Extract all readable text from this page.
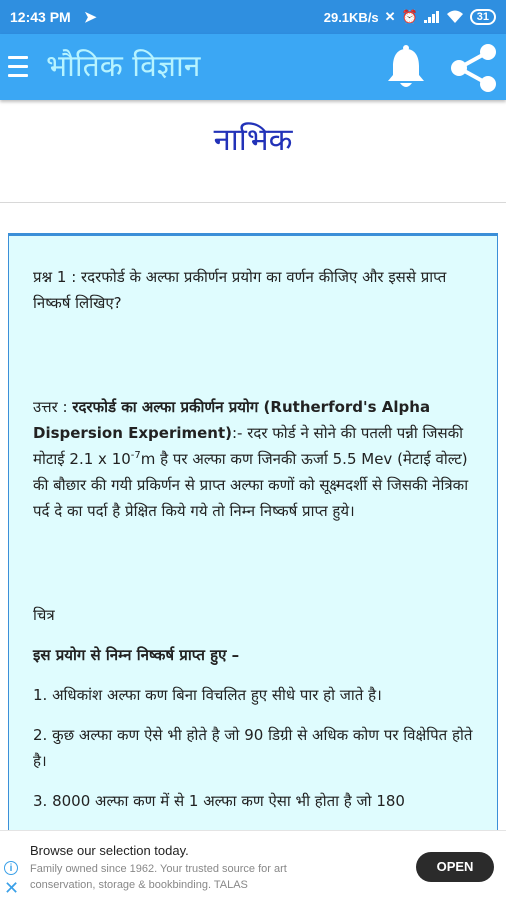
12:43 PM ➤	29.1KB/s ✕ ⏰	31
भौतिक विज्ञान
नाभिक

प्रश्न 1 : रदरफोर्ड के अल्फा प्रकीर्णन प्रयोग का वर्णन कीजिए और इससे प्राप्त निष्कर्ष लिखिए?

उत्तर : रदरफोर्ड का अल्फा प्रकीर्णन प्रयोग (Rutherford's Alpha Dispersion Experiment):- रदर फोर्ड ने सोने की पतली पन्नी जिसकी मोटाई 2.1 x $10^{-7}m$ है पर अल्फा कण जिनकी ऊर्जा 5.5 Mev (मेटाई वोल्ट) की बौछार की गयी प्रकिर्णन से प्राप्त अल्फा कणों को सूक्ष्मदर्शी से जिसकी नेत्रिका पर्द दे का पर्दा है प्रेक्षित किये गये तो निम्न निष्कर्ष प्राप्त हुये।

चित्र

इस प्रयोग से निम्न निष्कर्ष प्राप्त हुए –

1. अधिकांश अल्फा कण बिना विचलित हुए सीधे पार हो जाते है।

2. कुछ अल्फा कण ऐसे भी होते है जो 90 डिग्री से अधिक कोण पर विक्षेपित होते है।

3. 8000 अल्फा कण में से 1 अल्फा कण ऐसा भी होता है जो 180

i
✕
Browse our selection today.
Family owned since 1962. Your trusted source for art conservation, storage & bookbinding. TALAS
OPEN
